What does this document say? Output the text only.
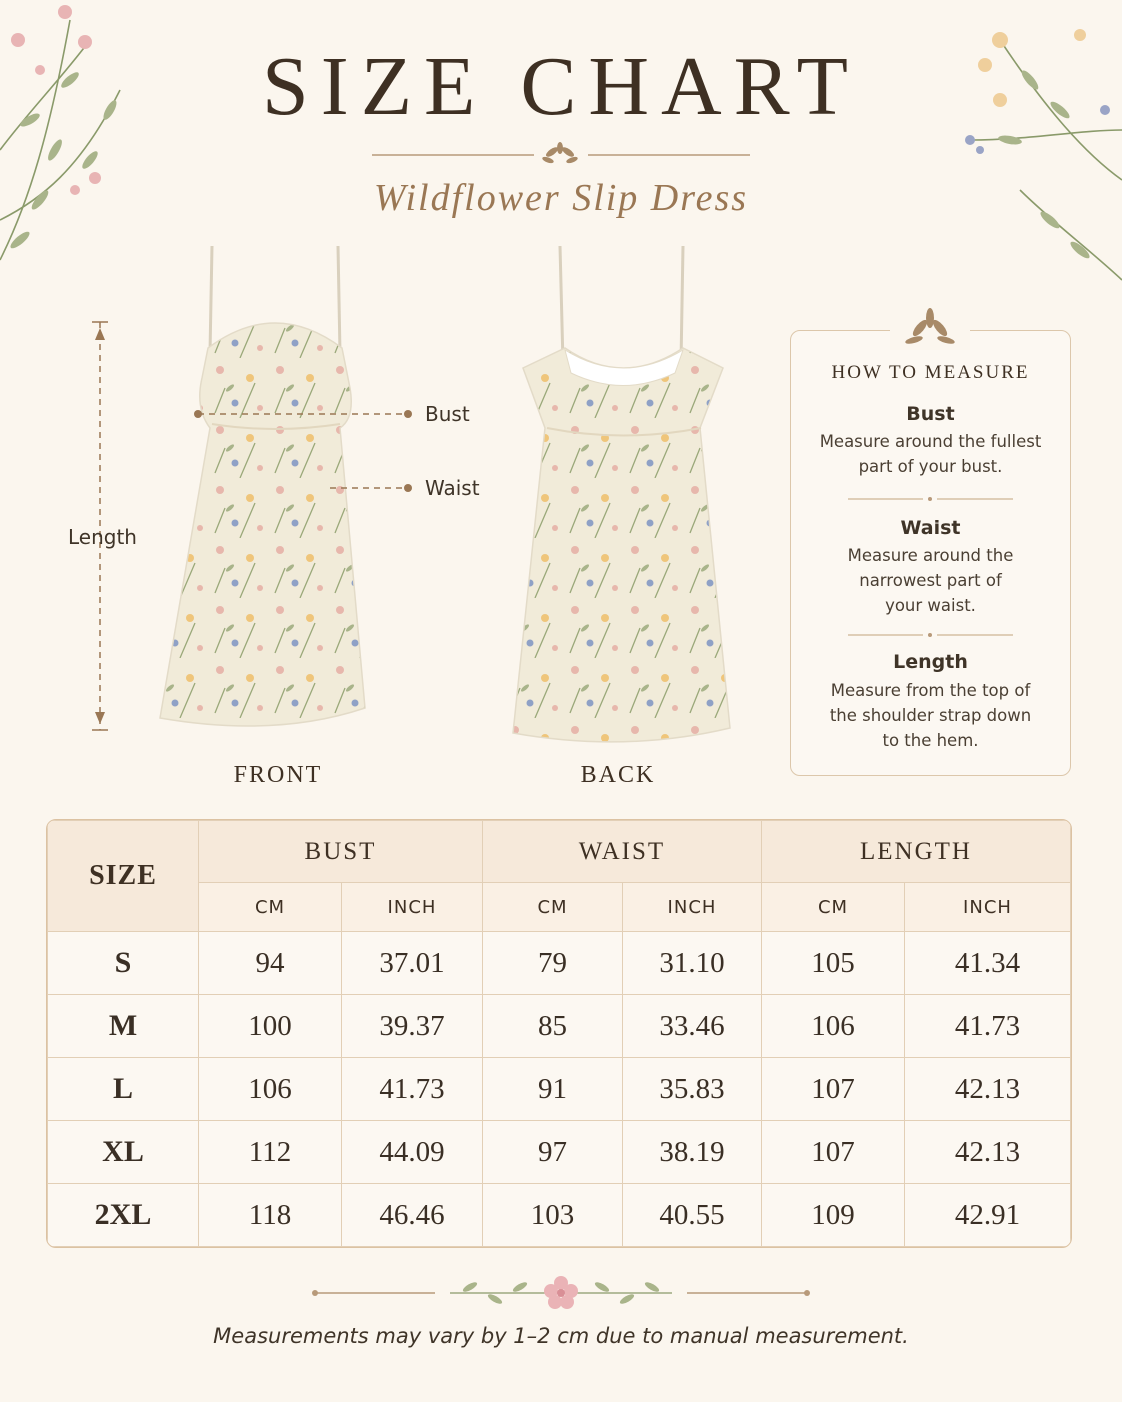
SIZE CHART
Wildflower Slip Dress
Length
Bust
Waist
FRONT	BACK
HOW TO MEASURE
Bust
Measure around the fullest part of your bust.
Waist
Measure around the narrowest part of your waist.
Length
Measure from the top of the shoulder strap down to the hem.
SIZE	BUST		WAIST		LENGTH	
	CM	INCH	CM	INCH	CM	INCH
S	94	37.01	79	31.10	105	41.34
M	100	39.37	85	33.46	106	41.73
L	106	41.73	91	35.83	107	42.13
XL	112	44.09	97	38.19	107	42.13
2XL	118	46.46	103	40.55	109	42.91
Measurements may vary by 1–2 cm due to manual measurement.
